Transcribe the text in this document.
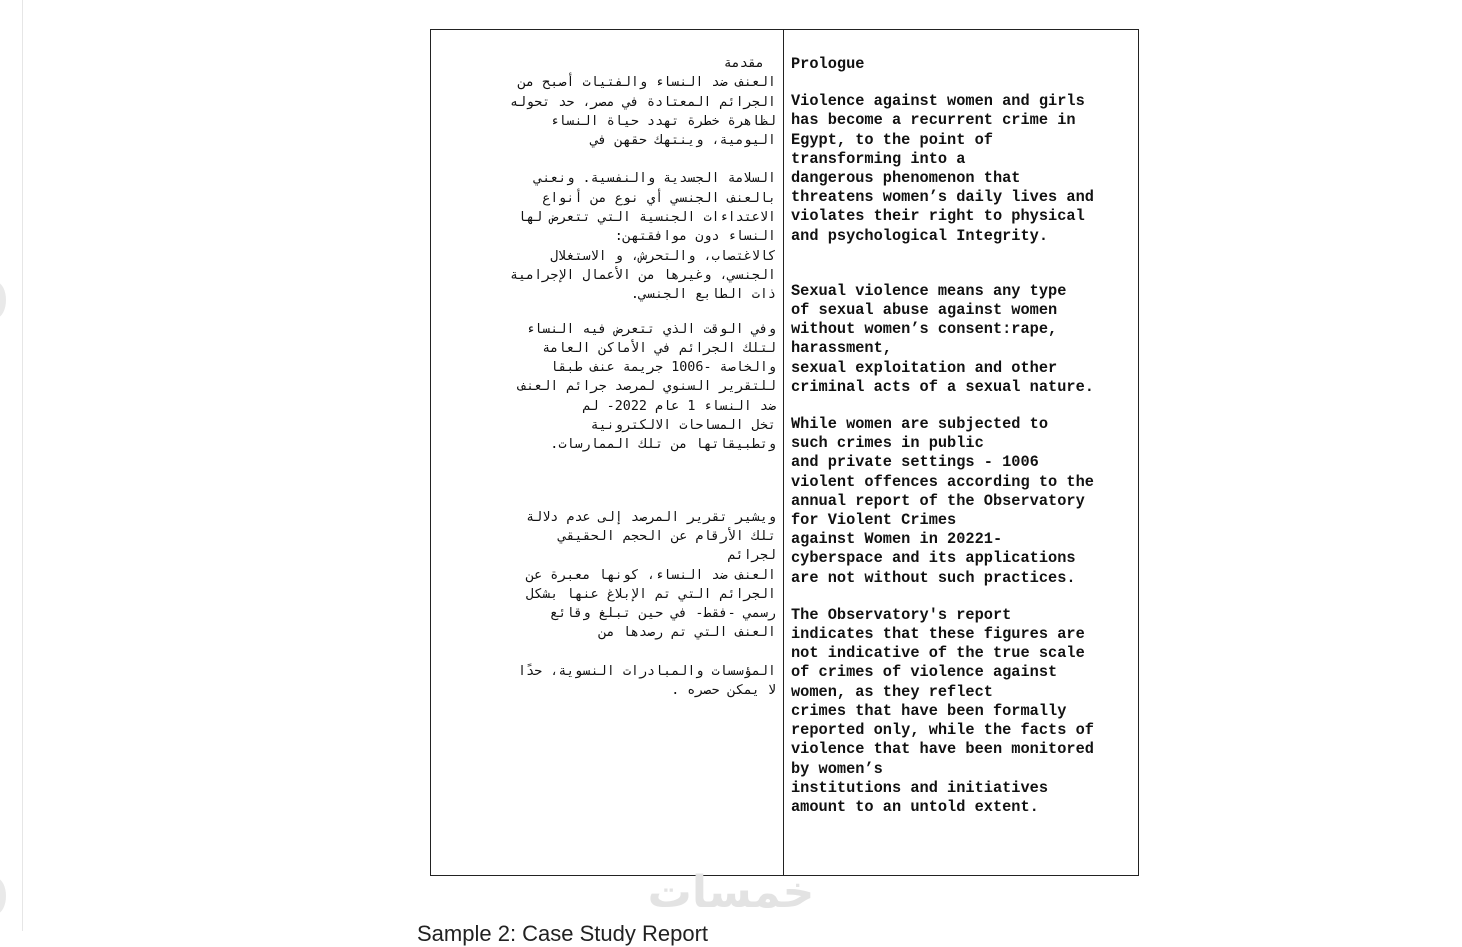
مقدمة

العنف ضد النساء والفتيات أصبح من
الجرائم المعتادة في مصر، حد تحوله
لظاهرة خطرة تهدد حياة النساء
اليومية، وينتهك حقهن في

السلامة الجسدية والنفسية. ونعني
بالعنف الجنسي أي نوع من أنواع
الاعتداءات الجنسية التي تتعرض لها
النساء دون موافقتهن:
كالاغتصاب، والتحرش، و الاستغلال
الجنسي، وغيرها من الأعمال الإجرامية
ذات الطابع الجنسي.

وفي الوقت الذي تتعرض فيه النساء
لتلك الجرائم في الأماكن العامة
والخاصة -1006 جريمة عنف طبقا
للتقرير السنوي لمرصد جرائم العنف
ضد النساء 1 عام 2022- لم
تخل المساحات الالكترونية
وتطبيقاتها من تلك الممارسات.

ويشير تقرير المرصد إلى عدم دلالة
تلك الأرقام عن الحجم الحقيقي
لجرائم
العنف ضد النساء، كونها معبرة عن
الجرائم التي تم الإبلاغ عنها بشكل
رسمي -فقط- في حين تبلغ وقائع
العنف التي تم رصدها من

المؤسسات والمبادرات النسوية، حدًا
لا يمكن حصره .

Prologue

Violence against women and girls
has become a recurrent crime in
Egypt, to the point of
transforming into a
dangerous phenomenon that
threatens women’s daily lives and
violates their right to physical
and psychological Integrity.

Sexual violence means any type
of sexual abuse against women
without women’s consent:rape,
harassment,
sexual exploitation and other
criminal acts of a sexual nature.

While women are subjected to
such crimes in public
and private settings - 1006
violent offences according to the
annual report of the Observatory
for Violent Crimes
against Women in 20221-
cyberspace and its applications
are not without such practices.

The Observatory's report
indicates that these figures are
not indicative of the true scale
of crimes of violence against
women, as they reflect
crimes that have been formally
reported only, while the facts of
violence that have been monitored
by women’s
institutions and initiatives
amount to an untold extent.

خمسات
Sample 2: Case Study Report
